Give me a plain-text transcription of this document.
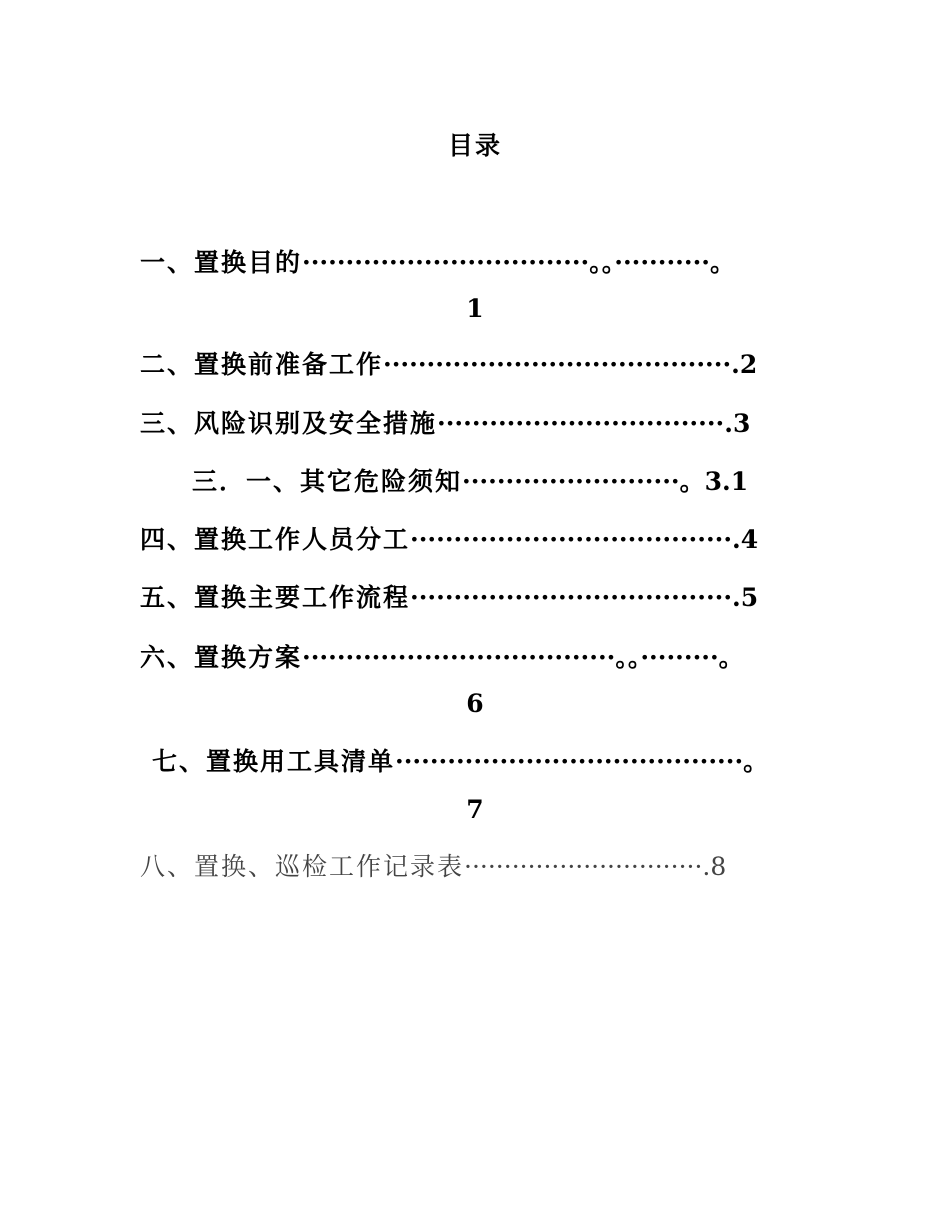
目录
一、置换目的·································。。···········。
1
二、置换前准备工作········································.2
三、风险识别及安全措施·································.3
三．一、其它危险须知·························。3.1
四、置换工作人员分工·····································.4
五、置换主要工作流程·····································.5
六、置换方案····································。。·········。
6
七、置换用工具清单········································。
7
八、置换、巡检工作记录表······························.8
